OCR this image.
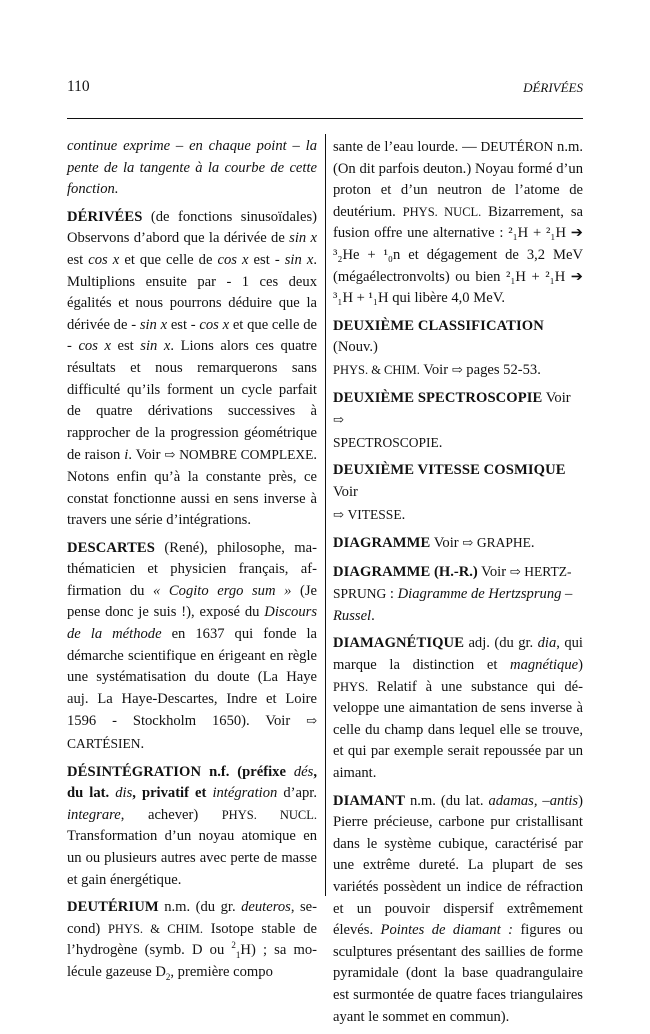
110	DÉRIVÉES

continue exprime – en chaque point – la pente de la tangente à la courbe de cette fonction.

DÉRIVÉES (de fonctions sinusoïdales) Observons d’abord que la dérivée de sin x est cos x et que celle de cos x est - sin x. Multiplions ensuite par - 1 ces deux égalités et nous pourrons déduire que la dérivée de - sin x est - cos x et que celle de - cos x est sin x. Lions alors ces quatre résultats et nous remarquerons sans difficulté qu’ils forment un cycle parfait de quatre dérivations successives à rapprocher de la progression géométrique de raison i. Voir ⇨ NOMBRE COMPLEXE. Notons enfin qu’à la constante près, ce constat fonctionne aussi en sens inverse à travers une série d’intégrations.

DESCARTES (René), philosophe, mathématicien et physicien français, affirmation du « Cogito ergo sum » (Je pense donc je suis !), exposé du Discours de la méthode en 1637 qui fonde la démarche scientifique en érigeant en règle une systématisation du doute (La Haye auj. La Haye-Descartes, Indre et Loire 1596 - Stockholm 1650). Voir ⇨ CARTÉSIEN.

DÉSINTÉGRATION n.f. (préfixe dés, du lat. dis, privatif et intégration d’apr. integrare, achever) PHYS. NUCL. Transformation d’un noyau atomique en un ou plusieurs autres avec perte de masse et gain énergétique.

DEUTÉRIUM n.m. (du gr. deuteros, second) PHYS. & CHIM. Isotope stable de l’hydrogène (symb. D ou $^2_1$H) ; sa molécule gazeuse $D_2$, première compo

sante de l’eau lourde. — DEUTÉRON n.m. (On dit parfois deuton.) Noyau formé d’un proton et d’un neutron de l’atome de deutérium. PHYS. NUCL. Bizarrement, sa fusion offre une alternative : ²₁H + ²₁H ➔ ³₂He + ¹₀n et dégagement de 3,2 MeV (mégaélectronvolts) ou bien ²₁H + ²₁H ➔ ³₁H + ¹₁H qui libère 4,0 MeV.

DEUXIÈME CLASSIFICATION (Nouv.)
PHYS. & CHIM. Voir ⇨ pages 52-53.

DEUXIÈME SPECTROSCOPIE Voir ⇨
SPECTROSCOPIE.

DEUXIÈME VITESSE COSMIQUE Voir
⇨ VITESSE.

DIAGRAMME Voir ⇨ GRAPHE.

DIAGRAMME (H.-R.) Voir ⇨ HERTZSPRUNG : Diagramme de Hertzsprung –Russel.

DIAMAGNÉTIQUE adj. (du gr. dia, qui marque la distinction et magnétique) PHYS. Relatif à une substance qui développe une aimantation de sens inverse à celle du champ dans lequel elle se trouve, et qui par exemple serait repoussée par un aimant.

DIAMANT n.m. (du lat. adamas, –antis) Pierre précieuse, carbone pur cristallisant dans le système cubique, caractérisé par une extrême dureté. La plupart de ses variétés possèdent un indice de réfraction et un pouvoir dispersif extrêmement élevés. Pointes de diamant : figures ou sculptures présentant des saillies de forme pyramidale (dont la base quadrangulaire est surmontée de quatre faces triangulaires ayant le sommet en commun).
